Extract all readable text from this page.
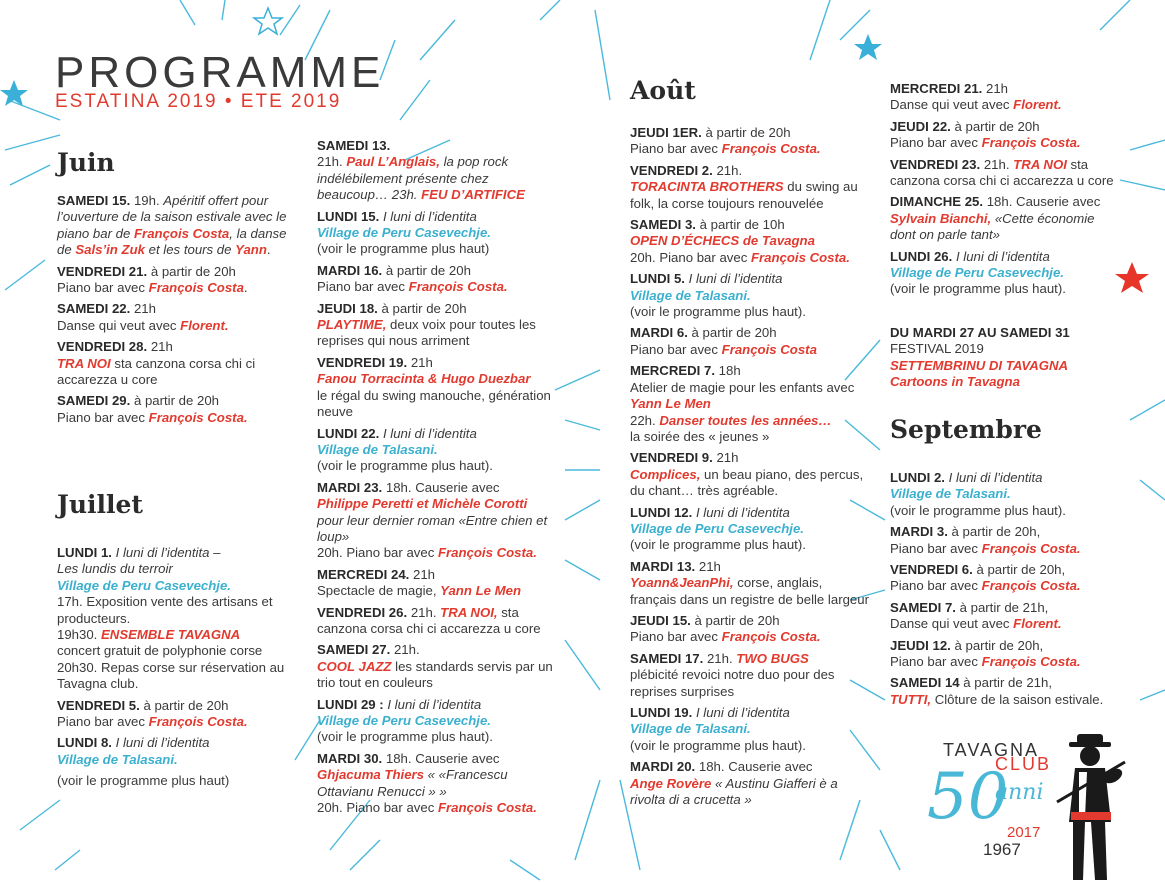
PROGRAMME
ESTATINA 2019 • ETE 2019
Juin
Juillet
Août
Septembre
SAMEDI 15. 19h. Apéritif offert pour l’ouverture de la saison estivale avec le piano bar de François Costa, la danse de Sals’in Zuk et les tours de Yann.
VENDREDI 21. à partir de 20h
Piano bar avec François Costa.
SAMEDI 22. 21h
Danse qui veut avec Florent.
VENDREDI 28. 21h
TRA NOI sta canzona corsa chi ci accarezza u core
SAMEDI 29. à partir de 20h
Piano bar avec François Costa.
LUNDI 1. I luni di l’identita –
Les lundis du terroir
Village de Peru Casevechje.
17h. Exposition vente des artisans et producteurs.
19h30. ENSEMBLE TAVAGNA
concert gratuit de polyphonie corse
20h30. Repas corse sur réservation au Tavagna club.
VENDREDI 5. à partir de 20h
Piano bar avec François Costa.
LUNDI 8. I luni di l’identita
Village de Talasani.
(voir le programme plus haut)
SAMEDI 13.
21h. Paul L’Anglais, la pop rock indélébilement présente chez beaucoup… 23h. FEU D’ARTIFICE
LUNDI 15. I luni di l’identita
Village de Peru Casevechje.
(voir le programme plus haut)
MARDI 16. à partir de 20h
Piano bar avec François Costa.
JEUDI 18. à partir de 20h
PLAYTIME, deux voix pour toutes les reprises qui nous arriment
VENDREDI 19. 21h
Fanou Torracinta & Hugo Duezbar
le régal du swing manouche, génération neuve
LUNDI 22. I luni di l’identita
Village de Talasani.
(voir le programme plus haut).
MARDI 23. 18h. Causerie avec
Philippe Peretti et Michèle Corotti
pour leur dernier roman «Entre chien et loup»
20h. Piano bar avec François Costa.
MERCREDI 24. 21h
Spectacle de magie, Yann Le Men
VENDREDI 26. 21h. TRA NOI, sta canzona corsa chi ci accarezza u core
SAMEDI 27. 21h.
COOL JAZZ les standards servis par un trio tout en couleurs
LUNDI 29 : I luni di l’identita
Village de Peru Casevechje.
(voir le programme plus haut).
MARDI 30. 18h. Causerie avec
Ghjacuma Thiers « «Francescu Ottavianu Renucci » »
20h. Piano bar avec François Costa.
JEUDI 1ER. à partir de 20h
Piano bar avec François Costa.
VENDREDI 2. 21h.
TORACINTA BROTHERS du swing au folk, la corse toujours renouvelée
SAMEDI 3. à partir de 10h
OPEN D’ÉCHECS de Tavagna
20h. Piano bar avec François Costa.
LUNDI 5. I luni di l’identita
Village de Talasani.
(voir le programme plus haut).
MARDI 6. à partir de 20h
Piano bar avec François Costa
MERCREDI 7. 18h
Atelier de magie pour les enfants avec Yann Le Men
22h. Danser toutes les années…
la soirée des « jeunes »
VENDREDI 9. 21h
Complices, un beau piano, des percus, du chant… très agréable.
LUNDI 12. I luni di l’identita
Village de Peru Casevechje.
(voir le programme plus haut).
MARDI 13. 21h
Yoann&JeanPhi, corse, anglais, français dans un registre de belle largeur
JEUDI 15. à partir de 20h
Piano bar avec François Costa.
SAMEDI 17. 21h. TWO BUGS
plébicité revoici notre duo pour des reprises surprises
LUNDI 19. I luni di l’identita
Village de Talasani.
(voir le programme plus haut).
MARDI 20. 18h. Causerie avec
Ange Rovère « Austinu Giafferi è a rivolta di a crucetta »
MERCREDI 21. 21h
Danse qui veut avec Florent.
JEUDI 22. à partir de 20h
Piano bar avec François Costa.
VENDREDI 23. 21h. TRA NOI sta canzona corsa chi ci accarezza u core
DIMANCHE 25. 18h. Causerie avec
Sylvain Bianchi, «Cette économie dont on parle tant»
LUNDI 26. I luni di l’identita
Village de Peru Casevechje.
(voir le programme plus haut).
DU MARDI 27 AU SAMEDI 31
FESTIVAL 2019
SETTEMBRINU DI TAVAGNA
Cartoons in Tavagna
LUNDI 2. I luni di l’identita
Village de Talasani.
(voir le programme plus haut).
MARDI 3. à partir de 20h,
Piano bar avec François Costa.
VENDREDI 6. à partir de 20h,
Piano bar avec François Costa.
SAMEDI 7. à partir de 21h,
Danse qui veut avec Florent.
JEUDI 12. à partir de 20h,
Piano bar avec François Costa.
SAMEDI 14 à partir de 21h,
TUTTI, Clôture de la saison estivale.
TAVAGNA
CLUB
50
anni
2017
1967
